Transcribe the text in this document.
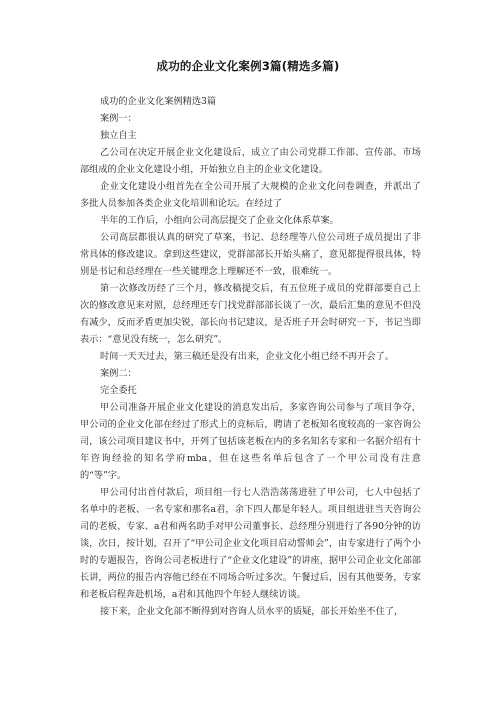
成功的企业文化案例3篇(精选多篇)

成功的企业文化案例精选3篇

案例一：

独立自主

乙公司在决定开展企业文化建设后，成立了由公司党群工作部、宣传部、市场部组成的企业文化建设小组，开始独立自主的企业文化建设。

企业文化建设小组首先在全公司开展了大规模的企业文化问卷调查，并派出了多批人员参加各类企业文化培训和论坛。在经过了

半年的工作后，小组向公司高层提交了企业文化体系草案。

公司高层都很认真的研究了草案，书记、总经理等八位公司班子成员提出了非常具体的修改建议。拿到这些建议，党群部部长开始头痛了，意见都提得很具体，特别是书记和总经理在一些关键理念上理解还不一致，很难统一。

第一次修改历经了三个月，修改稿提交后，有五位班子成员的党群部要自己上次的修改意见来对照，总经理还专门找党群部部长谈了一次，最后汇集的意见不但没有减少，反而矛盾更加尖锐，部长向书记建议，是否班子开会时研究一下，书记当即表示：“意见没有统一，怎么研究”。

时间一天天过去，第三稿还是没有出来，企业文化小组已经不再开会了。

案例二：

完全委托

甲公司准备开展企业文化建设的消息发出后，多家咨询公司参与了项目争夺，甲公司的企业文化部在经过了形式上的竞标后，聘请了老板知名度较高的一家咨询公司，该公司项目建议书中，开列了包括该老板在内的多名知名专家和一名据介绍有十年咨询经验的知名学府mba，但在这些名单后包含了一个甲公司没有注意的“等”字。

甲公司付出首付款后，项目组一行七人浩浩荡荡进驻了甲公司，七人中包括了名单中的老板、一名专家和那名a君，余下四人都是年轻人。项目组进驻当天咨询公司的老板、专家、a君和两名助手对甲公司董事长、总经理分别进行了各90分钟的访谈，次日，按计划，召开了“甲公司企业文化项目启动誓师会”，由专家进行了两个小时的专题报告，咨询公司老板进行了“企业文化建设”的讲座，据甲公司企业文化部部长讲，两位的报告内容他已经在不同场合听过多次。午餐过后，因有其他要务，专家和老板启程奔赴机场，a君和其他四个年轻人继续访谈。

接下来，企业文化部不断得到对咨询人员水平的质疑，部长开始坐不住了，
